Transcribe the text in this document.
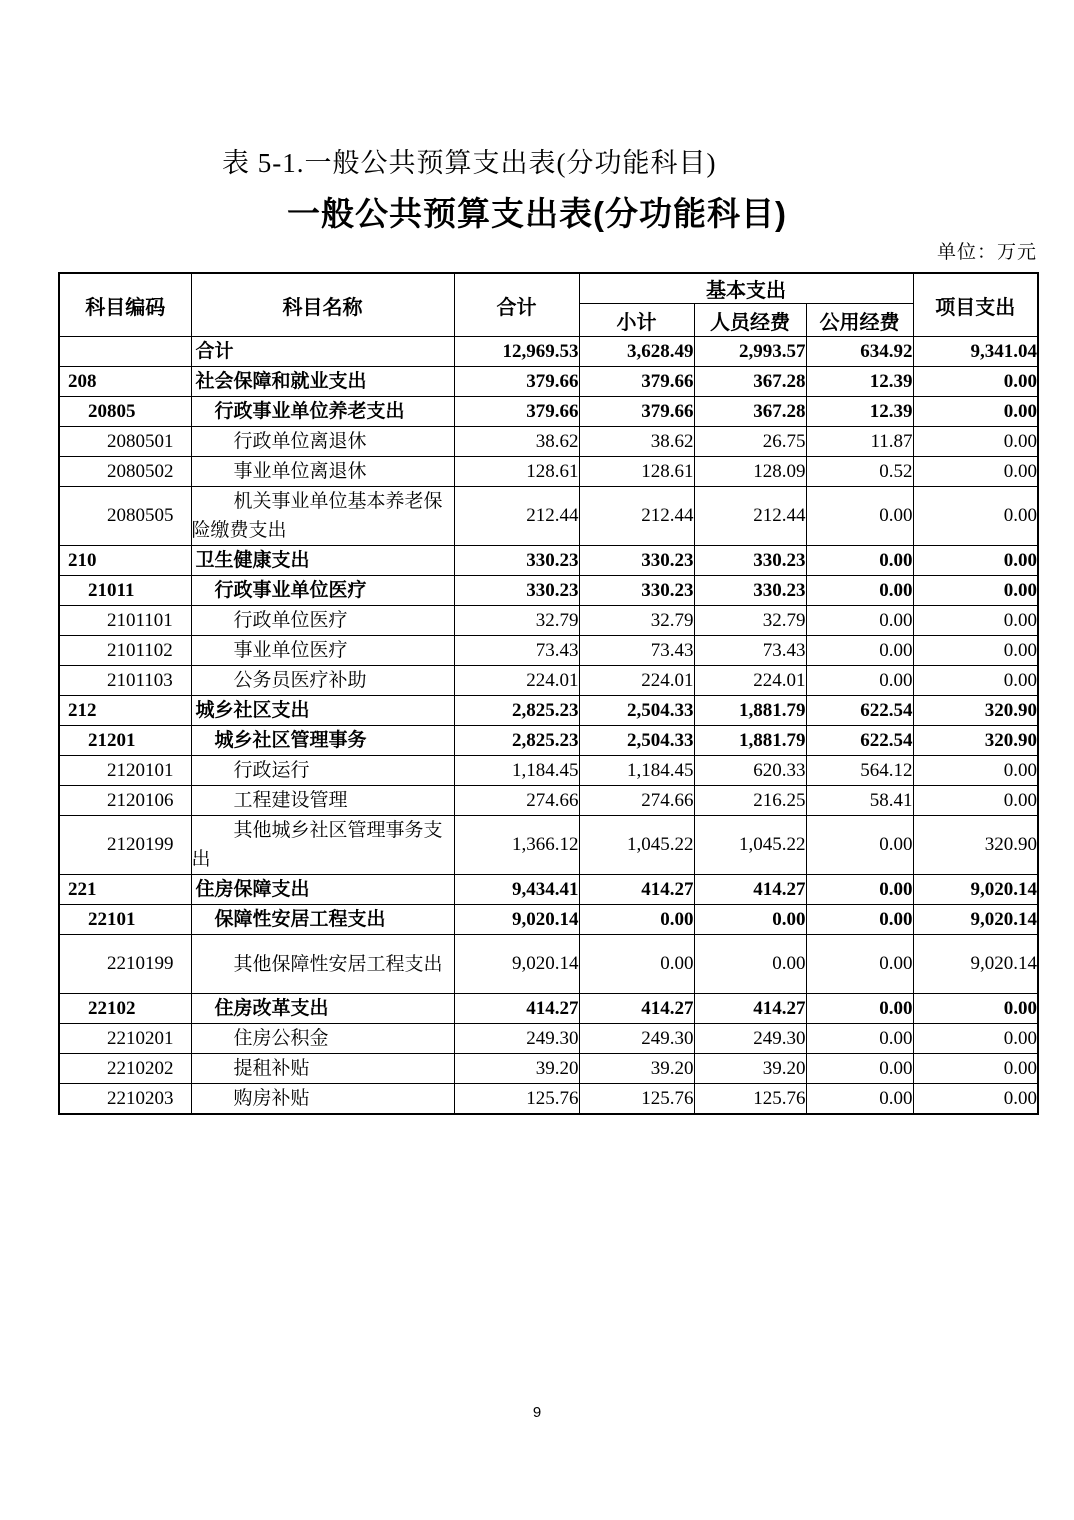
表 5-1.一般公共预算支出表(分功能科目)
一般公共预算支出表(分功能科目)
单位：万元
科目编码	科目名称	合计	基本支出			项目支出
			小计	人员经费	公用经费	
	合计	12,969.53	3,628.49	2,993.57	634.92	9,341.04
208	社会保障和就业支出	379.66	379.66	367.28	12.39	0.00
20805	行政事业单位养老支出	379.66	379.66	367.28	12.39	0.00
2080501	行政单位离退休	38.62	38.62	26.75	11.87	0.00
2080502	事业单位离退休	128.61	128.61	128.09	0.52	0.00
2080505	机关事业单位基本养老保险缴费支出	212.44	212.44	212.44	0.00	0.00
210	卫生健康支出	330.23	330.23	330.23	0.00	0.00
21011	行政事业单位医疗	330.23	330.23	330.23	0.00	0.00
2101101	行政单位医疗	32.79	32.79	32.79	0.00	0.00
2101102	事业单位医疗	73.43	73.43	73.43	0.00	0.00
2101103	公务员医疗补助	224.01	224.01	224.01	0.00	0.00
212	城乡社区支出	2,825.23	2,504.33	1,881.79	622.54	320.90
21201	城乡社区管理事务	2,825.23	2,504.33	1,881.79	622.54	320.90
2120101	行政运行	1,184.45	1,184.45	620.33	564.12	0.00
2120106	工程建设管理	274.66	274.66	216.25	58.41	0.00
2120199	其他城乡社区管理事务支出	1,366.12	1,045.22	1,045.22	0.00	320.90
221	住房保障支出	9,434.41	414.27	414.27	0.00	9,020.14
22101	保障性安居工程支出	9,020.14	0.00	0.00	0.00	9,020.14
2210199	其他保障性安居工程支出	9,020.14	0.00	0.00	0.00	9,020.14
22102	住房改革支出	414.27	414.27	414.27	0.00	0.00
2210201	住房公积金	249.30	249.30	249.30	0.00	0.00
2210202	提租补贴	39.20	39.20	39.20	0.00	0.00
2210203	购房补贴	125.76	125.76	125.76	0.00	0.00
9
